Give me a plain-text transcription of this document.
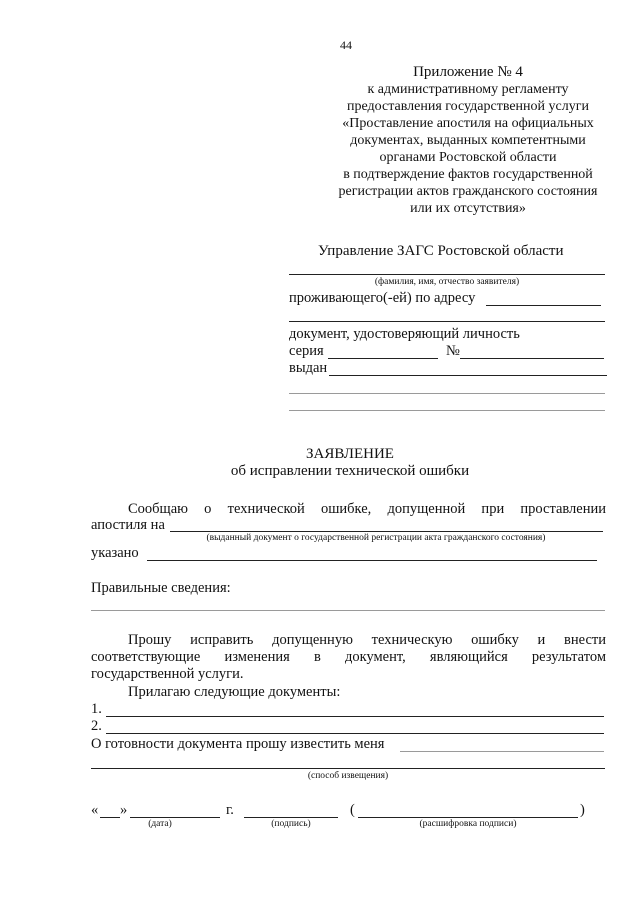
44
Приложение № 4
к административному регламенту
предоставления государственной услуги
«Проставление апостиля на официальных
документах, выданных компетентными
органами Ростовской области
в подтверждение фактов государственной
регистрации актов гражданского состояния
или их отсутствия»
Управление ЗАГС Ростовской области
(фамилия, имя, отчество заявителя)
проживающего(-ей) по адресу
документ, удостоверяющий личность
серия	№
выдан
ЗАЯВЛЕНИЕ
об исправлении технической ошибки
Сообщаю о технической ошибке, допущенной при проставлении
апостиля на
(выданный документ о государственной регистрации акта гражданского состояния)
указано
Правильные сведения:
Прошу исправить допущенную техническую ошибку и внести
соответствующие изменения в документ, являющийся результатом
государственной услуги.
Прилагаю следующие документы:
1.
2.
О готовности документа прошу известить меня
(способ извещения)
« »	г.
(дата)	(подпись)
(	)
(расшифровка подписи)
